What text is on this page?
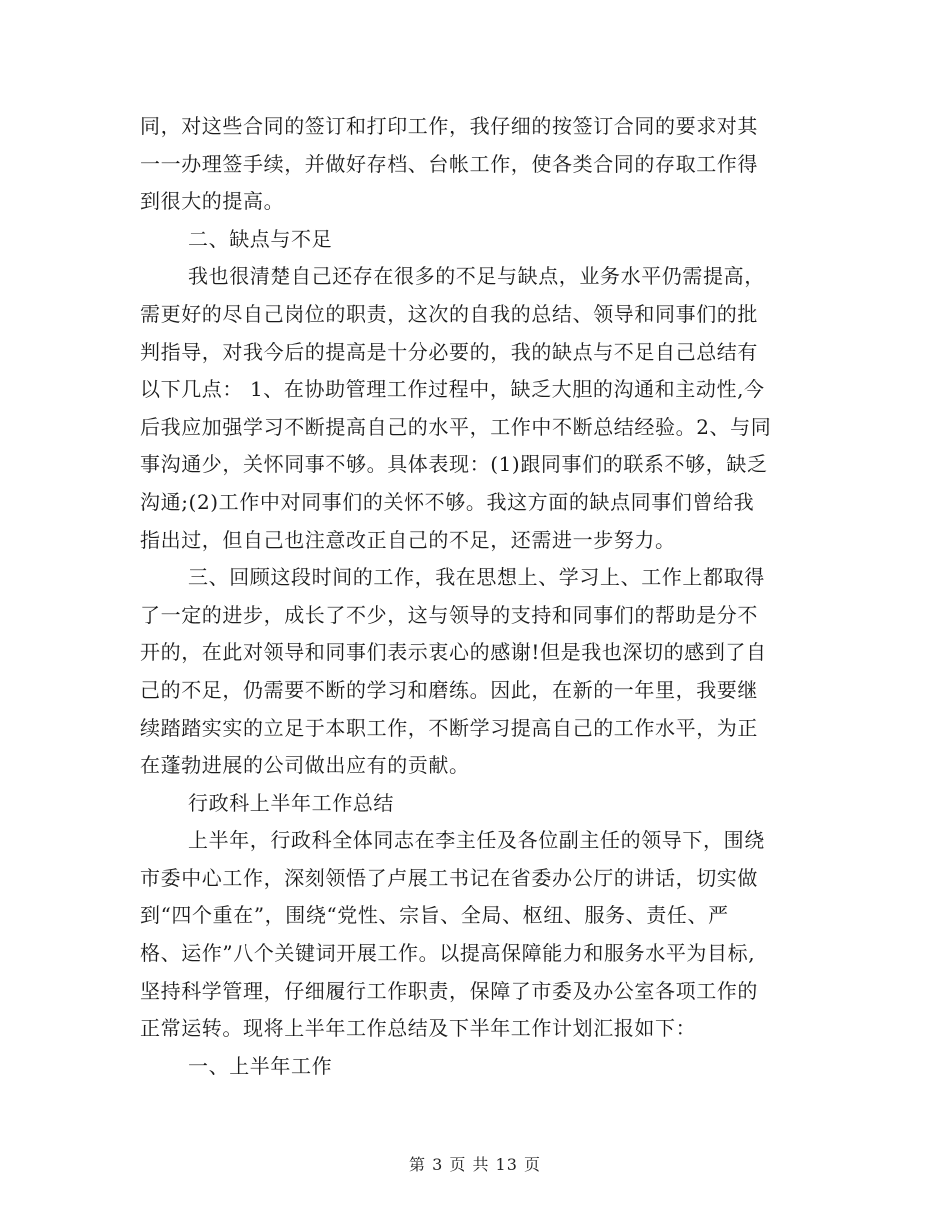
同，对这些合同的签订和打印工作，我仔细的按签订合同的要求对其
一一办理签手续，并做好存档、台帐工作，使各类合同的存取工作得
到很大的提高。
二、缺点与不足
我也很清楚自己还存在很多的不足与缺点，业务水平仍需提高，
需更好的尽自己岗位的职责，这次的自我的总结、领导和同事们的批
判指导，对我今后的提高是十分必要的，我的缺点与不足自己总结有
以下几点： 1、在协助管理工作过程中，缺乏大胆的沟通和主动性,今
后我应加强学习不断提高自己的水平，工作中不断总结经验。2、与同
事沟通少，关怀同事不够。具体表现：(1)跟同事们的联系不够，缺乏
沟通;(2)工作中对同事们的关怀不够。我这方面的缺点同事们曾给我
指出过，但自己也注意改正自己的不足，还需进一步努力。
三、回顾这段时间的工作，我在思想上、学习上、工作上都取得
了一定的进步，成长了不少，这与领导的支持和同事们的帮助是分不
开的，在此对领导和同事们表示衷心的感谢!但是我也深切的感到了自
己的不足，仍需要不断的学习和磨练。因此，在新的一年里，我要继
续踏踏实实的立足于本职工作，不断学习提高自己的工作水平，为正
在蓬勃进展的公司做出应有的贡献。
行政科上半年工作总结
上半年，行政科全体同志在李主任及各位副主任的领导下，围绕
市委中心工作，深刻领悟了卢展工书记在省委办公厅的讲话，切实做
到“四个重在”，围绕“党性、宗旨、全局、枢纽、服务、责任、严
格、运作”八个关键词开展工作。以提高保障能力和服务水平为目标,
坚持科学管理，仔细履行工作职责，保障了市委及办公室各项工作的
正常运转。现将上半年工作总结及下半年工作计划汇报如下：
一、上半年工作
第 3 页 共 13 页
